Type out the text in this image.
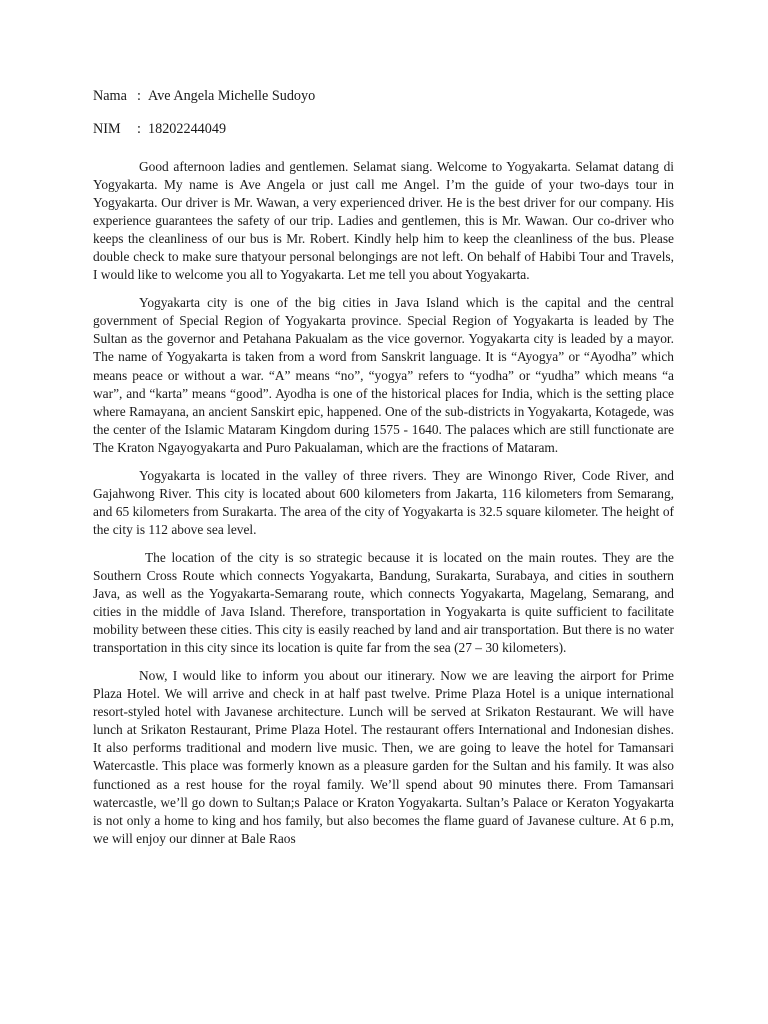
Nama : Ave Angela Michelle Sudoyo
NIM	: 18202244049

Good afternoon ladies and gentlemen. Selamat siang. Welcome to Yogyakarta. Selamat datang di Yogyakarta. My name is Ave Angela or just call me Angel. I’m the guide of your two-days tour in Yogyakarta. Our driver is Mr. Wawan, a very experienced driver. He is the best driver for our company. His experience guarantees the safety of our trip. Ladies and gentlemen, this is Mr. Wawan. Our co-driver who keeps the cleanliness of our bus is Mr. Robert. Kindly help him to keep the cleanliness of the bus. Please double check to make sure thatyour personal belongings are not left. On behalf of Habibi Tour and Travels, I would like to welcome you all to Yogyakarta. Let me tell you about Yogyakarta.

Yogyakarta city is one of the big cities in Java Island which is the capital and the central government of Special Region of Yogyakarta province. Special Region of Yogyakarta is leaded by The Sultan as the governor and Petahana Pakualam as the vice governor. Yogyakarta city is leaded by a mayor. The name of Yogyakarta is taken from a word from Sanskrit language. It is “Ayogya” or “Ayodha” which means peace or without a war. “A” means “no”, “yogya” refers to “yodha” or “yudha” which means “a war”, and “karta” means “good”. Ayodha is one of the historical places for India, which is the setting place where Ramayana, an ancient Sanskirt epic, happened. One of the sub-districts in Yogyakarta, Kotagede, was the center of the Islamic Mataram Kingdom during 1575 - 1640. The palaces which are still functionate are The Kraton Ngayogyakarta and Puro Pakualaman, which are the fractions of Mataram.

Yogyakarta is located in the valley of three rivers. They are Winongo River, Code River, and Gajahwong River. This city is located about 600 kilometers from Jakarta, 116 kilometers from Semarang, and 65 kilometers from Surakarta. The area of the city of Yogyakarta is 32.5 square kilometer. The height of the city is 112 above sea level.

The location of the city is so strategic because it is located on the main routes. They are the Southern Cross Route which connects Yogyakarta, Bandung, Surakarta, Surabaya, and cities in southern Java, as well as the Yogyakarta-Semarang route, which connects Yogyakarta, Magelang, Semarang, and cities in the middle of Java Island. Therefore, transportation in Yogyakarta is quite sufficient to facilitate mobility between these cities. This city is easily reached by land and air transportation. But there is no water transportation in this city since its location is quite far from the sea (27 – 30 kilometers).

Now, I would like to inform you about our itinerary. Now we are leaving the airport for Prime Plaza Hotel. We will arrive and check in at half past twelve. Prime Plaza Hotel is a unique international resort-styled hotel with Javanese architecture. Lunch will be served at Srikaton Restaurant. We will have lunch at Srikaton Restaurant, Prime Plaza Hotel. The restaurant offers International and Indonesian dishes. It also performs traditional and modern live music. Then, we are going to leave the hotel for Tamansari Watercastle. This place was formerly known as a pleasure garden for the Sultan and his family. It was also functioned as a rest house for the royal family. We’ll spend about 90 minutes there. From Tamansari watercastle, we’ll go down to Sultan;s Palace or Kraton Yogyakarta. Sultan’s Palace or Keraton Yogyakarta is not only a home to king and hos family, but also becomes the flame guard of Javanese culture. At 6 p.m, we will enjoy our dinner at Bale Raos
